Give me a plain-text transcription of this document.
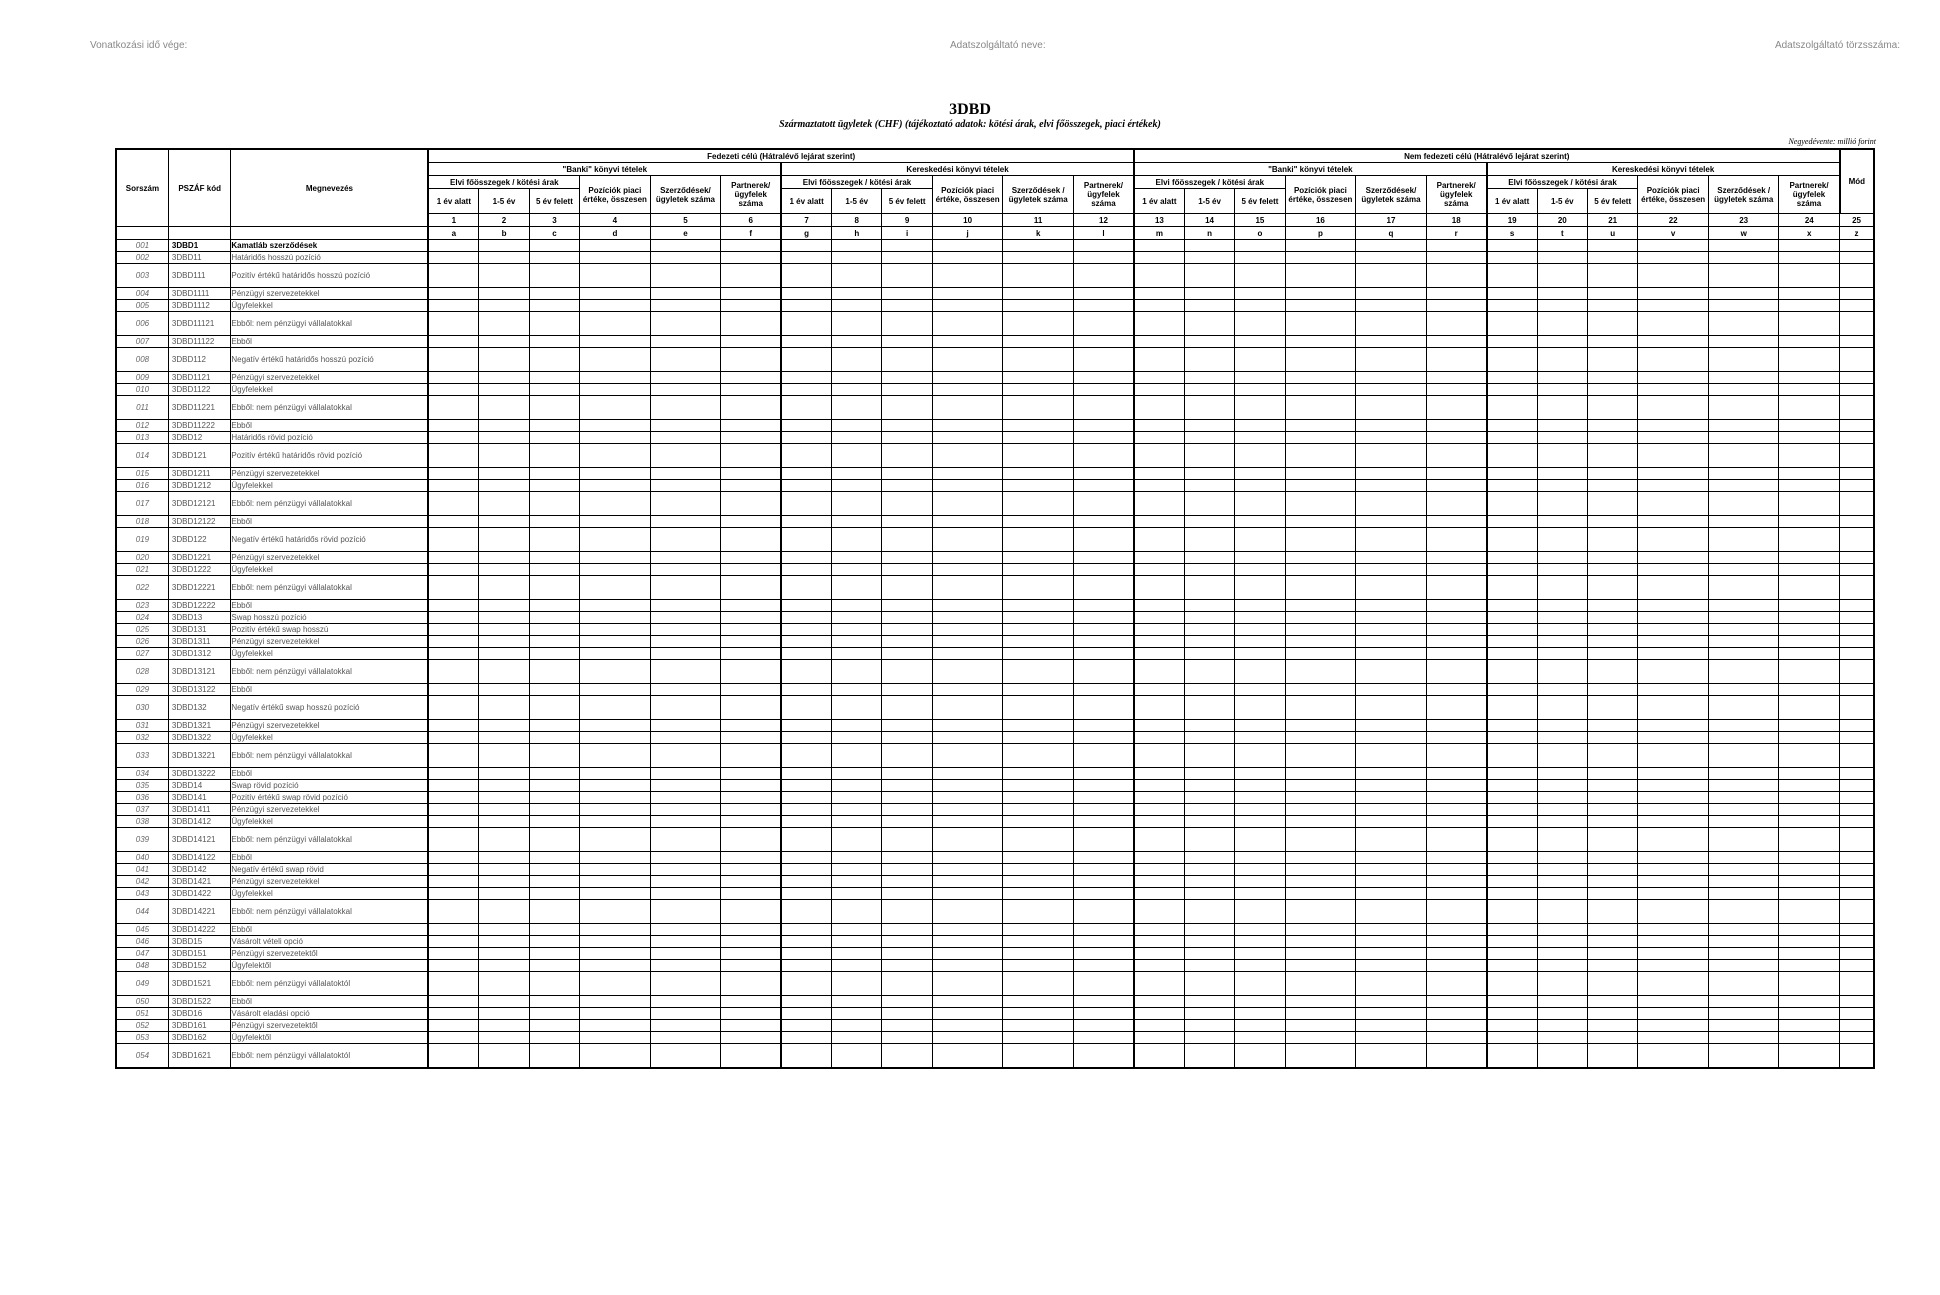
Vonatkozási idő vége:	Adatszolgáltató neve:	Adatszolgáltató törzsszáma:
3DBD
Származtatott ügyletek (CHF) (tájékoztató adatok: kötési árak, elvi főösszegek, piaci értékek)
Negyedévente: millió forint
Sorszám	PSZÁF kód	Megnevezés	Fedezeti célú (Hátralévő lejárat szerint)												Nem fedezeti célú (Hátralévő lejárat szerint)												Mód
			"Banki" könyvi tételek						Kereskedési könyvi tételek						"Banki" könyvi tételek						Kereskedési könyvi tételek						
			Elvi főösszegek / kötési árak			Pozíciók piaci értéke, összesen	Szerződések/ ügyletek száma	Partnerek/ ügyfelek száma	Elvi főösszegek / kötési árak			Pozíciók piaci értéke, összesen	Szerződések / ügyletek száma	Partnerek/ ügyfelek száma	Elvi főösszegek / kötési árak			Pozíciók piaci értéke, összesen	Szerződések/ ügyletek száma	Partnerek/ ügyfelek száma	Elvi főösszegek / kötési árak			Pozíciók piaci értéke, összesen	Szerződések / ügyletek száma	Partnerek/ ügyfelek száma	
			1 év alatt	1-5 év	5 év felett				1 év alatt	1-5 év	5 év felett				1 év alatt	1-5 év	5 év felett				1 év alatt	1-5 év	5 év felett				
			1	2	3	4	5	6	7	8	9	10	11	12	13	14	15	16	17	18	19	20	21	22	23	24	25
			a	b	c	d	e	f	g	h	i	j	k	l	m	n	o	p	q	r	s	t	u	v	w	x	z

001	3DBD1	Kamatláb szerződések																									

002	3DBD11	Határidős hosszú pozíció																									

003	3DBD111	Pozitív értékű határidős hosszú pozíció																									

004	3DBD1111	Pénzügyi szervezetekkel																									

005	3DBD1112	Ügyfelekkel																									

006	3DBD11121	Ebből: nem pénzügyi vállalatokkal																									

007	3DBD11122	Ebből																									

008	3DBD112	Negatív értékű határidős hosszú pozíció																									

009	3DBD1121	Pénzügyi szervezetekkel																									

010	3DBD1122	Ügyfelekkel																									

011	3DBD11221	Ebből: nem pénzügyi vállalatokkal																									

012	3DBD11222	Ebből																									

013	3DBD12	Határidős rövid pozíció																									

014	3DBD121	Pozitív értékű határidős rövid pozíció																									

015	3DBD1211	Pénzügyi szervezetekkel																									

016	3DBD1212	Ügyfelekkel																									

017	3DBD12121	Ebből: nem pénzügyi vállalatokkal																									

018	3DBD12122	Ebből																									

019	3DBD122	Negatív értékű határidős rövid pozíció																									

020	3DBD1221	Pénzügyi szervezetekkel																									

021	3DBD1222	Ügyfelekkel																									

022	3DBD12221	Ebből: nem pénzügyi vállalatokkal																									

023	3DBD12222	Ebből																									

024	3DBD13	Swap hosszú pozíció																									

025	3DBD131	Pozitív értékű swap hosszú																									

026	3DBD1311	Pénzügyi szervezetekkel																									

027	3DBD1312	Ügyfelekkel																									

028	3DBD13121	Ebből: nem pénzügyi vállalatokkal																									

029	3DBD13122	Ebből																									

030	3DBD132	Negatív értékű swap hosszú pozíció																									

031	3DBD1321	Pénzügyi szervezetekkel																									

032	3DBD1322	Ügyfelekkel																									

033	3DBD13221	Ebből: nem pénzügyi vállalatokkal																									

034	3DBD13222	Ebből																									

035	3DBD14	Swap rövid pozíció																									

036	3DBD141	Pozitív értékű swap rövid pozíció																									

037	3DBD1411	Pénzügyi szervezetekkel																									

038	3DBD1412	Ügyfelekkel																									

039	3DBD14121	Ebből: nem pénzügyi vállalatokkal																									

040	3DBD14122	Ebből																									

041	3DBD142	Negatív értékű swap rövid																									

042	3DBD1421	Pénzügyi szervezetekkel																									

043	3DBD1422	Ügyfelekkel																									

044	3DBD14221	Ebből: nem pénzügyi vállalatokkal																									

045	3DBD14222	Ebből																									

046	3DBD15	Vásárolt vételi opció																									

047	3DBD151	Pénzügyi szervezetektől																									

048	3DBD152	Ügyfelektől																									

049	3DBD1521	Ebből: nem pénzügyi vállalatoktól																									

050	3DBD1522	Ebből																									

051	3DBD16	Vásárolt eladási opció																									

052	3DBD161	Pénzügyi szervezetektől																									

053	3DBD162	Ügyfelektől																									

054	3DBD1621	Ebből: nem pénzügyi vállalatoktól																									
